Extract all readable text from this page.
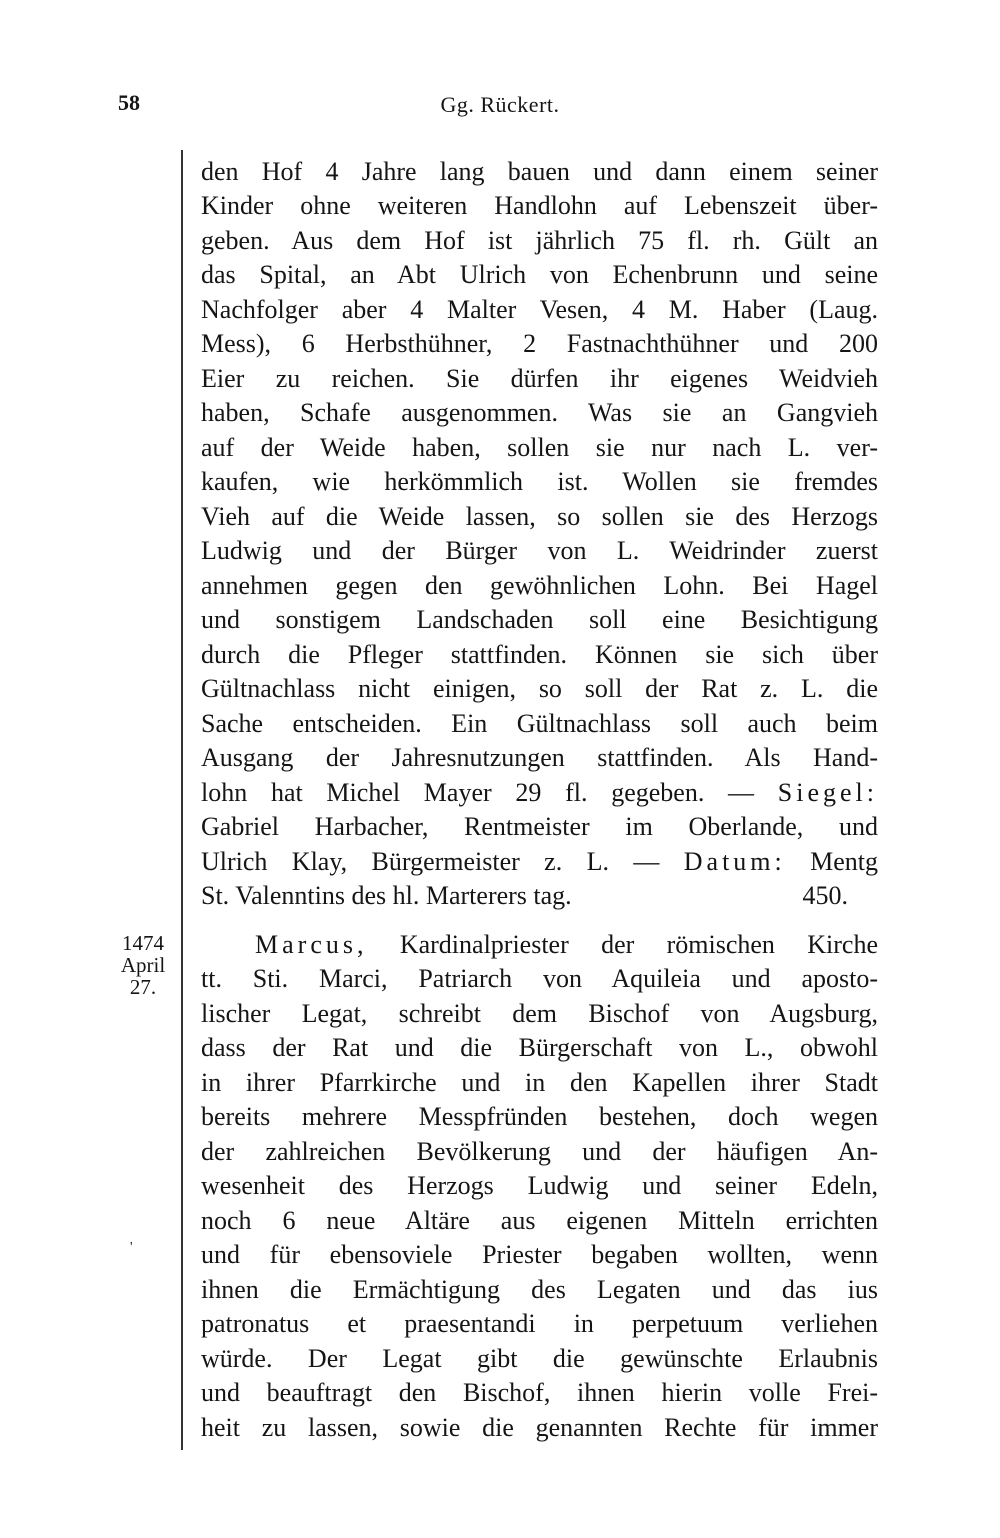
58	Gg. Rückert.
1474
April
27.
'
den Hof 4 Jahre lang bauen und dann einem seiner
Kinder ohne weiteren Handlohn auf Lebenszeit über-
geben. Aus dem Hof ist jährlich 75 fl. rh. Gült an
das Spital, an Abt Ulrich von Echenbrunn und seine
Nachfolger aber 4 Malter Vesen, 4 M. Haber (Laug.
Mess), 6 Herbsthühner, 2 Fastnachthühner und 200
Eier zu reichen. Sie dürfen ihr eigenes Weidvieh
haben, Schafe ausgenommen. Was sie an Gangvieh
auf der Weide haben, sollen sie nur nach L. ver-
kaufen, wie herkömmlich ist. Wollen sie fremdes
Vieh auf die Weide lassen, so sollen sie des Herzogs
Ludwig und der Bürger von L. Weidrinder zuerst
annehmen gegen den gewöhnlichen Lohn. Bei Hagel
und sonstigem Landschaden soll eine Besichtigung
durch die Pfleger stattfinden. Können sie sich über
Gültnachlass nicht einigen, so soll der Rat z. L. die
Sache entscheiden. Ein Gültnachlass soll auch beim
Ausgang der Jahresnutzungen stattfinden. Als Hand-
lohn hat Michel Mayer 29 fl. gegeben. — Siegel:
Gabriel Harbacher, Rentmeister im Oberlande, und
Ulrich Klay, Bürgermeister z. L. — Datum: Mentg
St. Valenntins des hl. Marterers tag.	450.
Marcus, Kardinalpriester der römischen Kirche
tt. Sti. Marci, Patriarch von Aquileia und aposto-
lischer Legat, schreibt dem Bischof von Augsburg,
dass der Rat und die Bürgerschaft von L., obwohl
in ihrer Pfarrkirche und in den Kapellen ihrer Stadt
bereits mehrere Messpfründen bestehen, doch wegen
der zahlreichen Bevölkerung und der häufigen An-
wesenheit des Herzogs Ludwig und seiner Edeln,
noch 6 neue Altäre aus eigenen Mitteln errichten
und für ebensoviele Priester begaben wollten, wenn
ihnen die Ermächtigung des Legaten und das ius
patronatus et praesentandi in perpetuum verliehen
würde. Der Legat gibt die gewünschte Erlaubnis
und beauftragt den Bischof, ihnen hierin volle Frei-
heit zu lassen, sowie die genannten Rechte für immer
